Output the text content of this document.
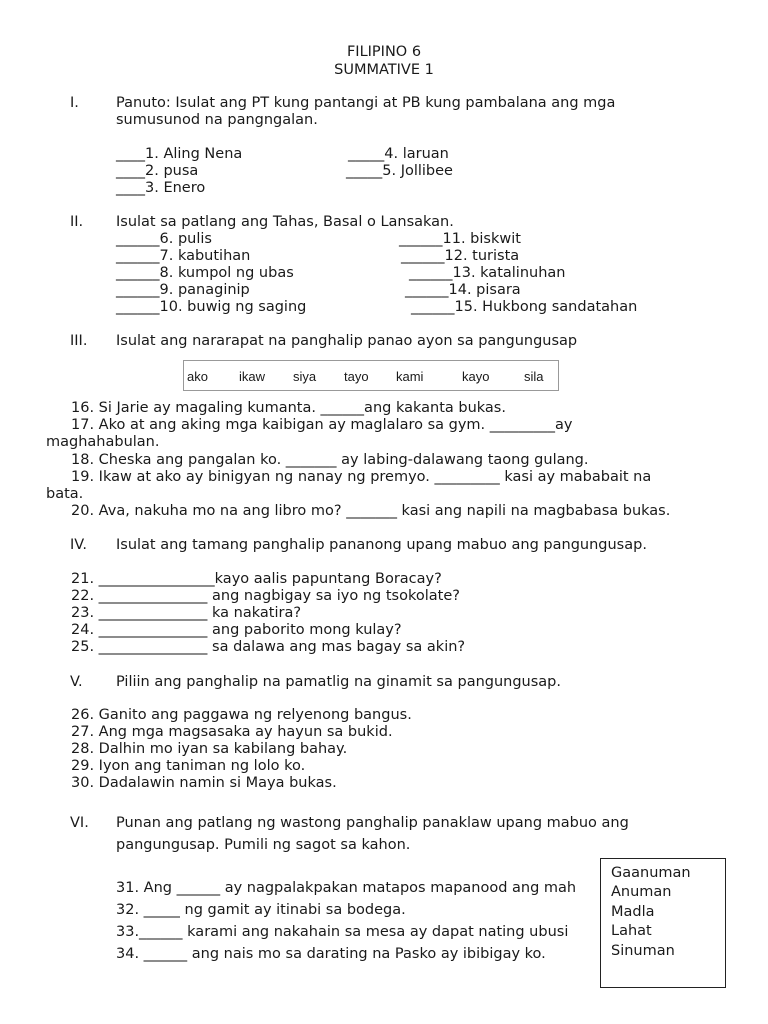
FILIPINO 6
SUMMATIVE 1
I.	Panuto: Isulat ang PT kung pantangi at PB kung pambalana ang mga
sumusunod na pangngalan.
____1. Aling Nena
____2. pusa
____3. Enero
_____4. laruan
_____5. Jollibee
II. Isulat sa patlang ang Tahas, Basal o Lansakan.
______6. pulis
______7. kabutihan
______8. kumpol ng ubas
______9. panaginip
______10. buwig ng saging
______11. biskwit
______12. turista
______13. katalinuhan
______14. pisara
______15. Hukbong sandatahan
III. Isulat ang nararapat na panghalip panao ayon sa pangungusap
ako ikaw siya tayo kami	kayo	sila
16. Si Jarie ay magaling kumanta. ______ang kakanta bukas.
17. Ako at ang aking mga kaibigan ay maglalaro sa gym. _________ay
maghahabulan.
18. Cheska ang pangalan ko. _______ ay labing-dalawang taong gulang.
19. Ikaw at ako ay binigyan ng nanay ng premyo. _________ kasi ay mababait na
bata.
20. Ava, nakuha mo na ang libro mo? _______ kasi ang napili na magbabasa bukas.
IV. Isulat ang tamang panghalip pananong upang mabuo ang pangungusap.
21. ________________kayo aalis papuntang Boracay?
22. _______________ ang nagbigay sa iyo ng tsokolate?
23. _______________ ka nakatira?
24. _______________ ang paborito mong kulay?
25. _______________ sa dalawa ang mas bagay sa akin?
V. Piliin ang panghalip na pamatlig na ginamit sa pangungusap.
26. Ganito ang paggawa ng relyenong bangus.
27. Ang mga magsasaka ay hayun sa bukid.
28. Dalhin mo iyan sa kabilang bahay.
29. Iyon ang taniman ng lolo ko.
30. Dadalawin namin si Maya bukas.
VI. Punan ang patlang ng wastong panghalip panaklaw upang mabuo ang
pangungusap. Pumili ng sagot sa kahon.
31. Ang ______ ay nagpalakpakan matapos mapanood ang mah
32. _____ ng gamit ay itinabi sa bodega.
33.______ karami ang nakahain sa mesa ay dapat nating ubusi
34. ______ ang nais mo sa darating na Pasko ay ibibigay ko.
Gaanuman
Anuman
Madla
Lahat
Sinuman
